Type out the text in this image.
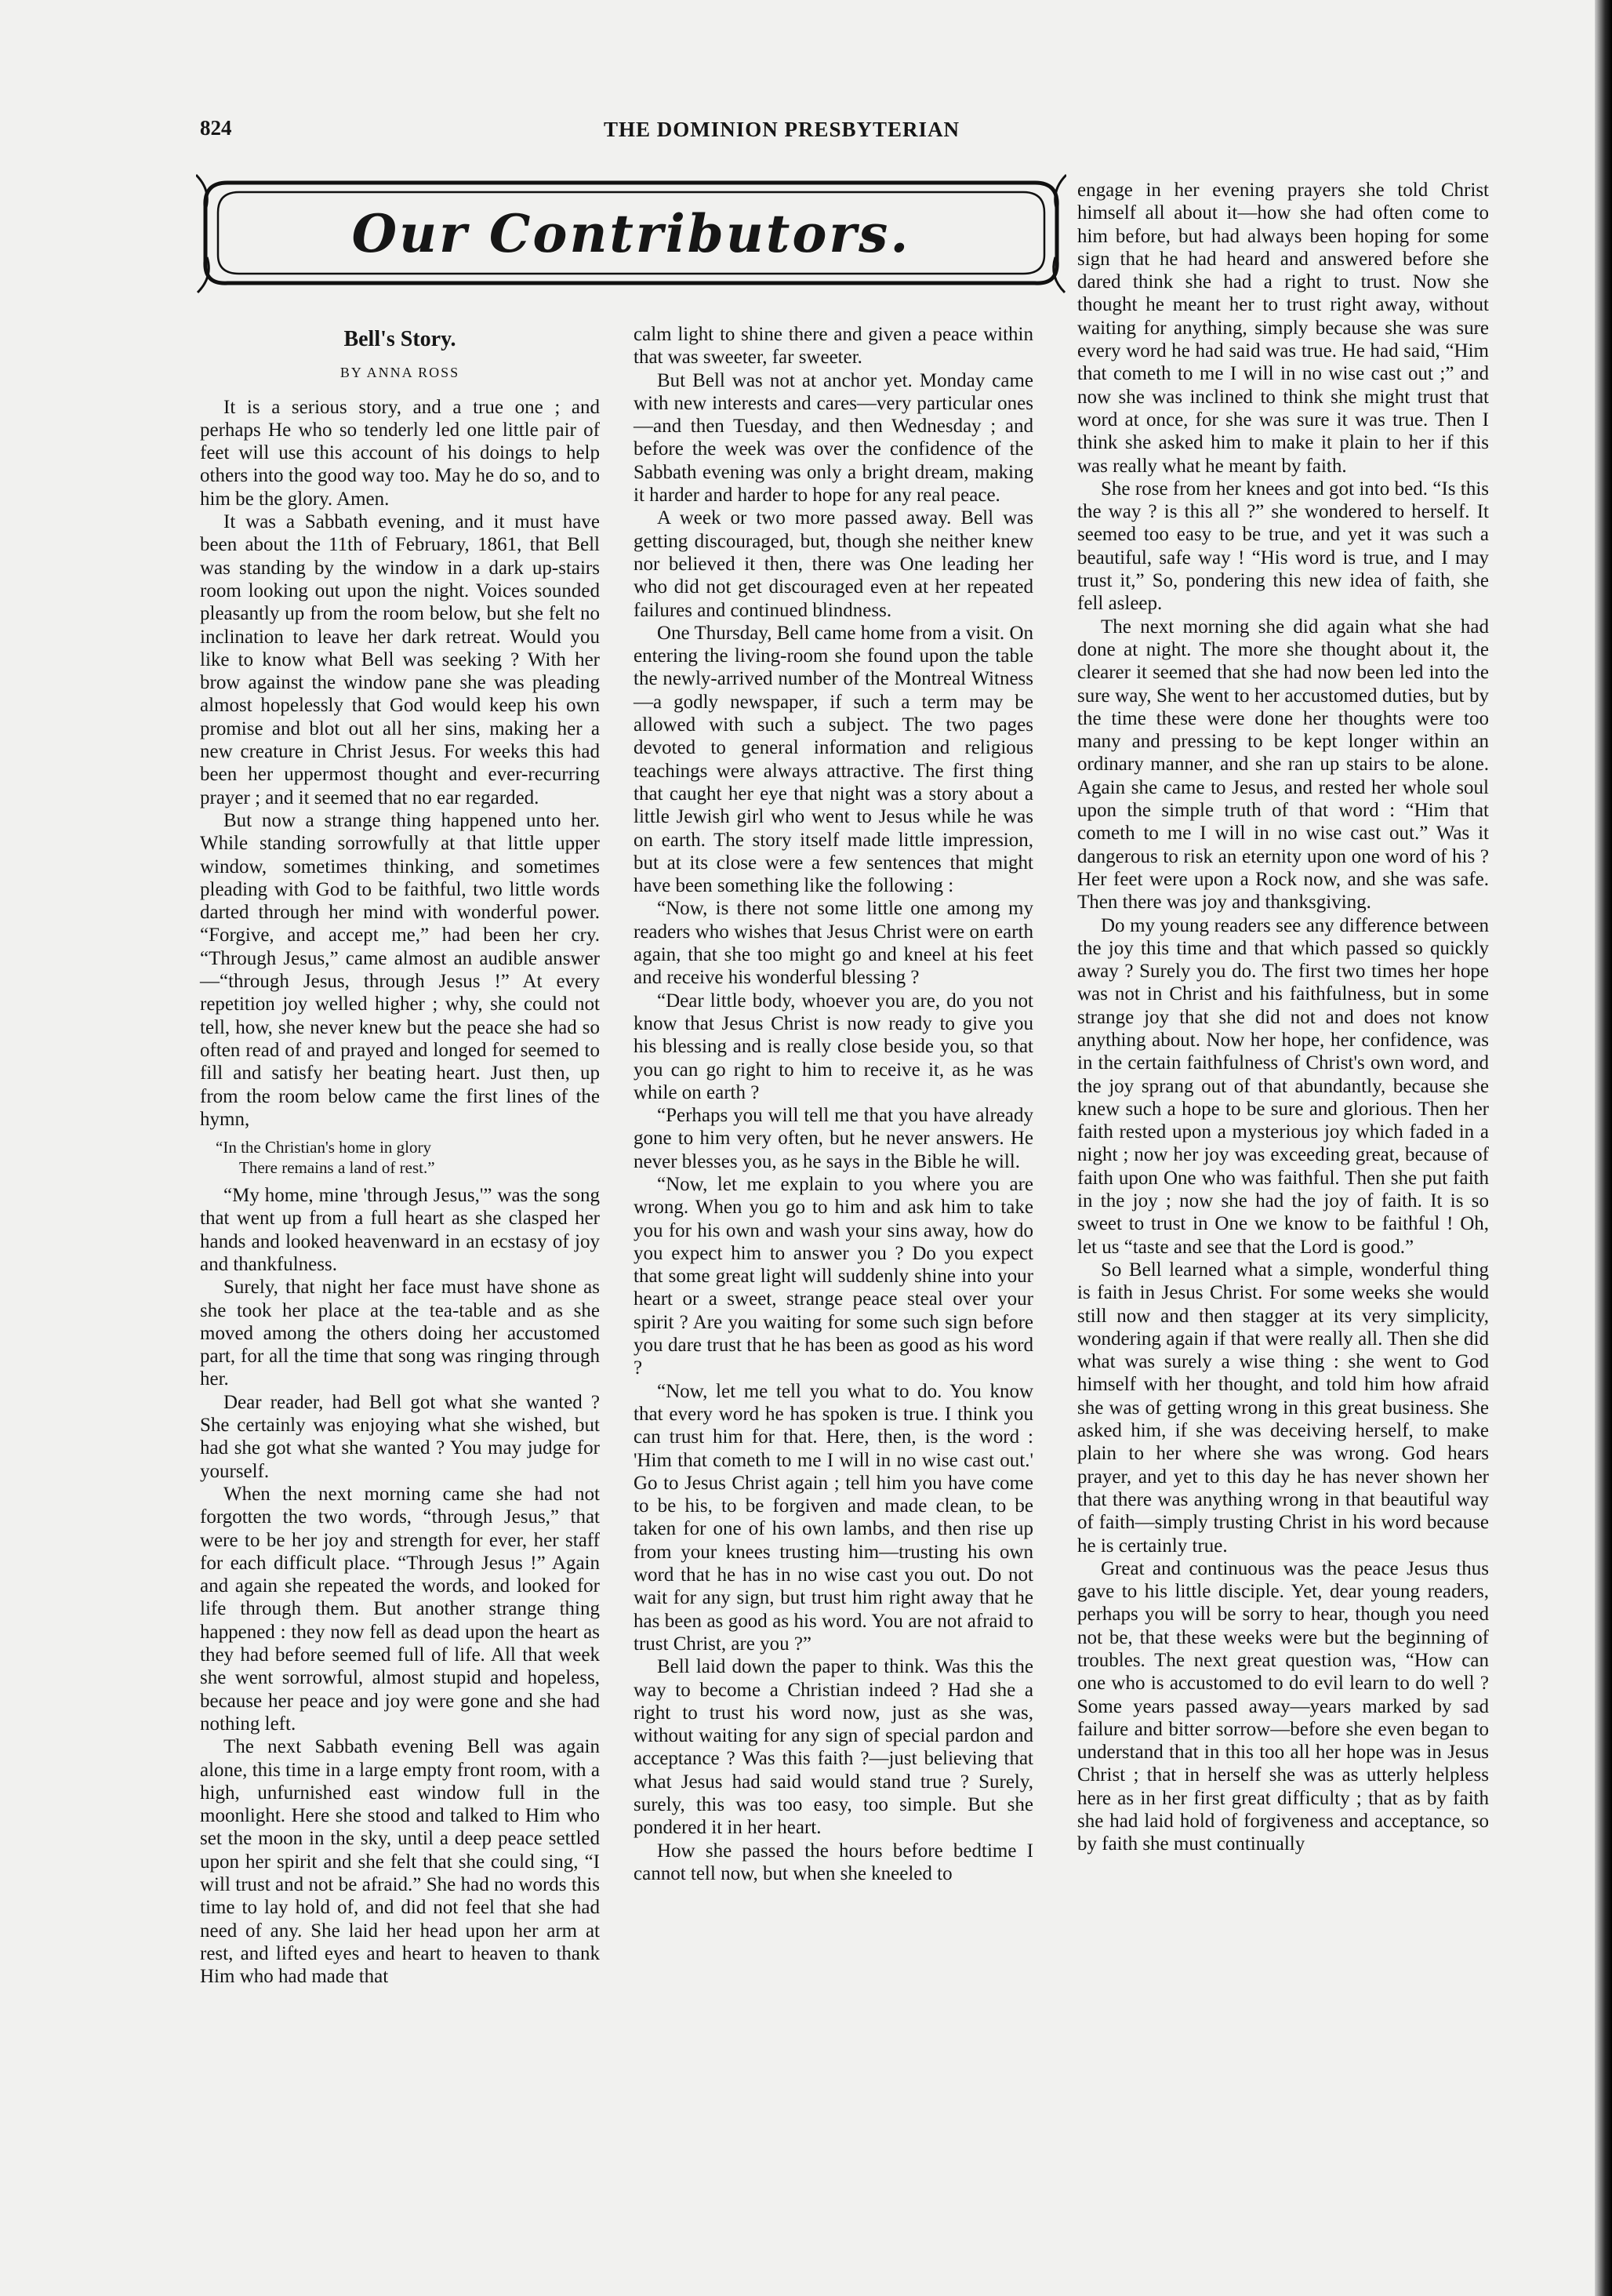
824	THE DOMINION PRESBYTERIAN
Our Contributors.
Bell's Story.
BY ANNA ROSS

It is a serious story, and a true one ; and perhaps He who so tenderly led one little pair of feet will use this account of his doings to help others into the good way too. May he do so, and to him be the glory. Amen.

It was a Sabbath evening, and it must have been about the 11th of February, 1861, that Bell was standing by the window in a dark up-stairs room looking out upon the night. Voices sounded pleasantly up from the room below, but she felt no inclination to leave her dark retreat. Would you like to know what Bell was seeking ? With her brow against the window pane she was pleading almost hopelessly that God would keep his own promise and blot out all her sins, making her a new creature in Christ Jesus. For weeks this had been her uppermost thought and ever-recurring prayer ; and it seemed that no ear regarded.

But now a strange thing happened unto her. While standing sorrowfully at that little upper window, sometimes thinking, and sometimes pleading with God to be faithful, two little words darted through her mind with wonderful power. “Forgive, and accept me,” had been her cry. “Through Jesus,” came almost an audible answer—“through Jesus, through Jesus !” At every repetition joy welled higher ; why, she could not tell, how, she never knew but the peace she had so often read of and prayed and longed for seemed to fill and satisfy her beating heart. Just then, up from the room below came the first lines of the hymn,

“In the Christian's home in glory
There remains a land of rest.”

“My home, mine 'through Jesus,'” was the song that went up from a full heart as she clasped her hands and looked heavenward in an ecstasy of joy and thankfulness.

Surely, that night her face must have shone as she took her place at the tea-table and as she moved among the others doing her accustomed part, for all the time that song was ringing through her.

Dear reader, had Bell got what she wanted ? She certainly was enjoying what she wished, but had she got what she wanted ? You may judge for yourself.

When the next morning came she had not forgotten the two words, “through Jesus,” that were to be her joy and strength for ever, her staff for each difficult place. “Through Jesus !” Again and again she repeated the words, and looked for life through them. But another strange thing happened : they now fell as dead upon the heart as they had before seemed full of life. All that week she went sorrowful, almost stupid and hopeless, because her peace and joy were gone and she had nothing left.

The next Sabbath evening Bell was again alone, this time in a large empty front room, with a high, unfurnished east window full in the moonlight. Here she stood and talked to Him who set the moon in the sky, until a deep peace settled upon her spirit and she felt that she could sing, “I will trust and not be afraid.” She had no words this time to lay hold of, and did not feel that she had need of any. She laid her head upon her arm at rest, and lifted eyes and heart to heaven to thank Him who had made that

calm light to shine there and given a peace within that was sweeter, far sweeter.

But Bell was not at anchor yet. Monday came with new interests and cares—very particular ones—and then Tuesday, and then Wednesday ; and before the week was over the confidence of the Sabbath evening was only a bright dream, making it harder and harder to hope for any real peace.

A week or two more passed away. Bell was getting discouraged, but, though she neither knew nor believed it then, there was One leading her who did not get discouraged even at her repeated failures and continued blindness.

One Thursday, Bell came home from a visit. On entering the living-room she found upon the table the newly-arrived number of the Montreal Witness—a godly newspaper, if such a term may be allowed with such a subject. The two pages devoted to general information and religious teachings were always attractive. The first thing that caught her eye that night was a story about a little Jewish girl who went to Jesus while he was on earth. The story itself made little impression, but at its close were a few sentences that might have been something like the following :

“Now, is there not some little one among my readers who wishes that Jesus Christ were on earth again, that she too might go and kneel at his feet and receive his wonderful blessing ?

“Dear little body, whoever you are, do you not know that Jesus Christ is now ready to give you his blessing and is really close beside you, so that you can go right to him to receive it, as he was while on earth ?

“Perhaps you will tell me that you have already gone to him very often, but he never answers. He never blesses you, as he says in the Bible he will.

“Now, let me explain to you where you are wrong. When you go to him and ask him to take you for his own and wash your sins away, how do you expect him to answer you ? Do you expect that some great light will suddenly shine into your heart or a sweet, strange peace steal over your spirit ? Are you waiting for some such sign before you dare trust that he has been as good as his word ?

“Now, let me tell you what to do. You know that every word he has spoken is true. I think you can trust him for that. Here, then, is the word : 'Him that cometh to me I will in no wise cast out.' Go to Jesus Christ again ; tell him you have come to be his, to be forgiven and made clean, to be taken for one of his own lambs, and then rise up from your knees trusting him—trusting his own word that he has in no wise cast you out. Do not wait for any sign, but trust him right away that he has been as good as his word. You are not afraid to trust Christ, are you ?”

Bell laid down the paper to think. Was this the way to become a Christian indeed ? Had she a right to trust his word now, just as she was, without waiting for any sign of special pardon and acceptance ? Was this faith ?—just believing that what Jesus had said would stand true ? Surely, surely, this was too easy, too simple. But she pondered it in her heart.

How she passed the hours before bedtime I cannot tell now, but when she kneeled to

engage in her evening prayers she told Christ himself all about it—how she had often come to him before, but had always been hoping for some sign that he had heard and answered before she dared think she had a right to trust. Now she thought he meant her to trust right away, without waiting for anything, simply because she was sure every word he had said was true. He had said, “Him that cometh to me I will in no wise cast out ;” and now she was inclined to think she might trust that word at once, for she was sure it was true. Then I think she asked him to make it plain to her if this was really what he meant by faith.

She rose from her knees and got into bed. “Is this the way ? is this all ?” she wondered to herself. It seemed too easy to be true, and yet it was such a beautiful, safe way ! “His word is true, and I may trust it,” So, pondering this new idea of faith, she fell asleep.

The next morning she did again what she had done at night. The more she thought about it, the clearer it seemed that she had now been led into the sure way, She went to her accustomed duties, but by the time these were done her thoughts were too many and pressing to be kept longer within an ordinary manner, and she ran up stairs to be alone. Again she came to Jesus, and rested her whole soul upon the simple truth of that word : “Him that cometh to me I will in no wise cast out.” Was it dangerous to risk an eternity upon one word of his ? Her feet were upon a Rock now, and she was safe. Then there was joy and thanksgiving.

Do my young readers see any difference between the joy this time and that which passed so quickly away ? Surely you do. The first two times her hope was not in Christ and his faithfulness, but in some strange joy that she did not and does not know anything about. Now her hope, her confidence, was in the certain faithfulness of Christ's own word, and the joy sprang out of that abundantly, because she knew such a hope to be sure and glorious. Then her faith rested upon a mysterious joy which faded in a night ; now her joy was exceeding great, because of faith upon One who was faithful. Then she put faith in the joy ; now she had the joy of faith. It is so sweet to trust in One we know to be faithful ! Oh, let us “taste and see that the Lord is good.”

So Bell learned what a simple, wonderful thing is faith in Jesus Christ. For some weeks she would still now and then stagger at its very simplicity, wondering again if that were really all. Then she did what was surely a wise thing : she went to God himself with her thought, and told him how afraid she was of getting wrong in this great business. She asked him, if she was deceiving herself, to make plain to her where she was wrong. God hears prayer, and yet to this day he has never shown her that there was anything wrong in that beautiful way of faith—simply trusting Christ in his word because he is certainly true.

Great and continuous was the peace Jesus thus gave to his little disciple. Yet, dear young readers, perhaps you will be sorry to hear, though you need not be, that these weeks were but the beginning of troubles. The next great question was, “How can one who is accustomed to do evil learn to do well ? Some years passed away—years marked by sad failure and bitter sorrow—before she even began to understand that in this too all her hope was in Jesus Christ ; that in herself she was as utterly helpless here as in her first great difficulty ; that as by faith she had laid hold of forgiveness and acceptance, so by faith she must continually
